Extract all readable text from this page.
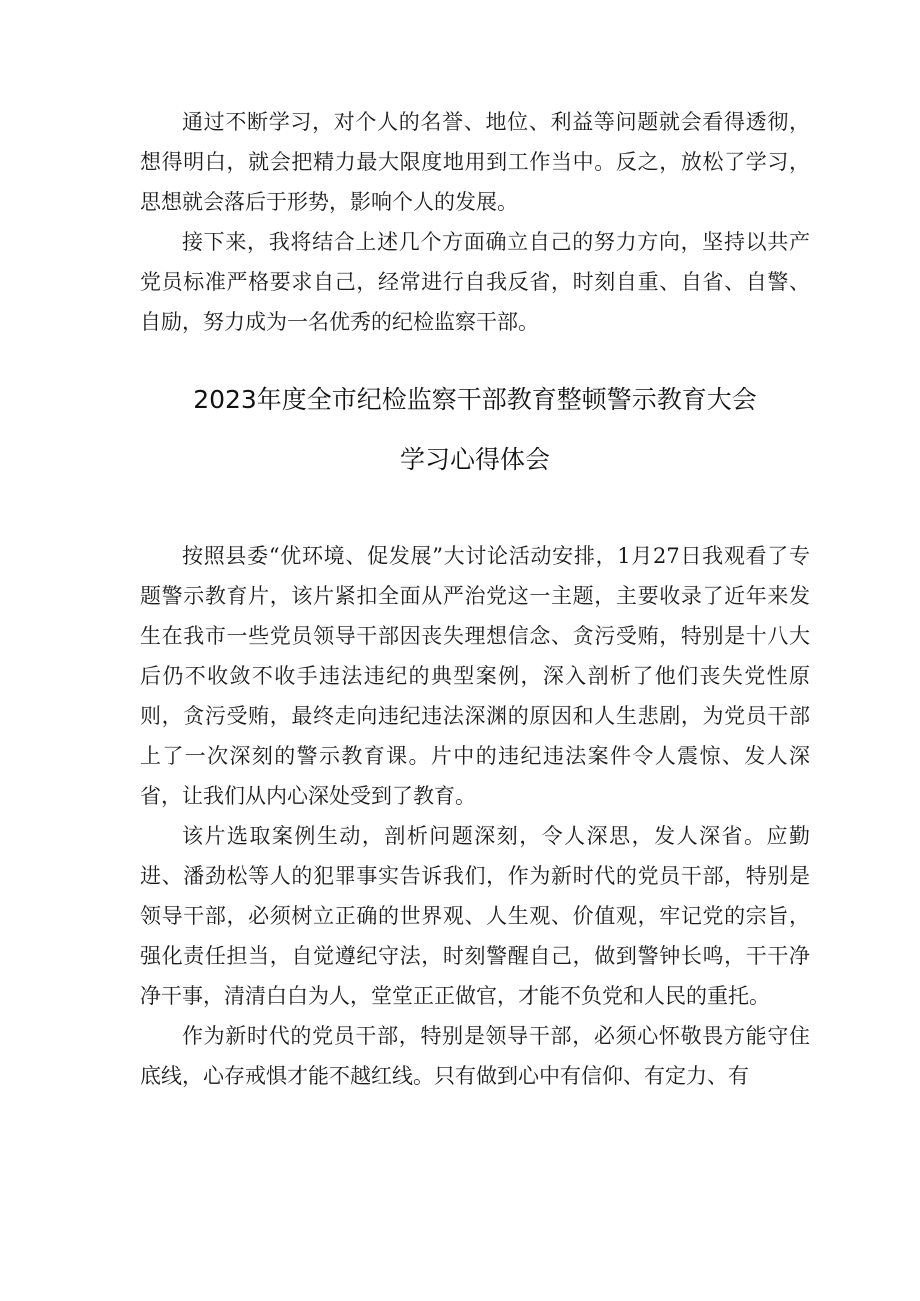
通过不断学习，对个人的名誉、地位、利益等问题就会看得透彻，想得明白，就会把精力最大限度地用到工作当中。反之，放松了学习，思想就会落后于形势，影响个人的发展。

接下来，我将结合上述几个方面确立自己的努力方向，坚持以共产党员标准严格要求自己，经常进行自我反省，时刻自重、自省、自警、自励，努力成为一名优秀的纪检监察干部。

2023年度全市纪检监察干部教育整顿警示教育大会
学习心得体会

按照县委“优环境、促发展”大讨论活动安排，1月27日我观看了专题警示教育片，该片紧扣全面从严治党这一主题，主要收录了近年来发生在我市一些党员领导干部因丧失理想信念、贪污受贿，特别是十八大后仍不收敛不收手违法违纪的典型案例，深入剖析了他们丧失党性原则，贪污受贿，最终走向违纪违法深渊的原因和人生悲剧，为党员干部上了一次深刻的警示教育课。片中的违纪违法案件令人震惊、发人深省，让我们从内心深处受到了教育。

该片选取案例生动，剖析问题深刻，令人深思，发人深省。应勤进、潘劲松等人的犯罪事实告诉我们，作为新时代的党员干部，特别是领导干部，必须树立正确的世界观、人生观、价值观，牢记党的宗旨，强化责任担当，自觉遵纪守法，时刻警醒自己，做到警钟长鸣，干干净净干事，清清白白为人，堂堂正正做官，才能不负党和人民的重托。

作为新时代的党员干部，特别是领导干部，必须心怀敬畏方能守住底线，心存戒惧才能不越红线。只有做到心中有信仰、有定力、有
